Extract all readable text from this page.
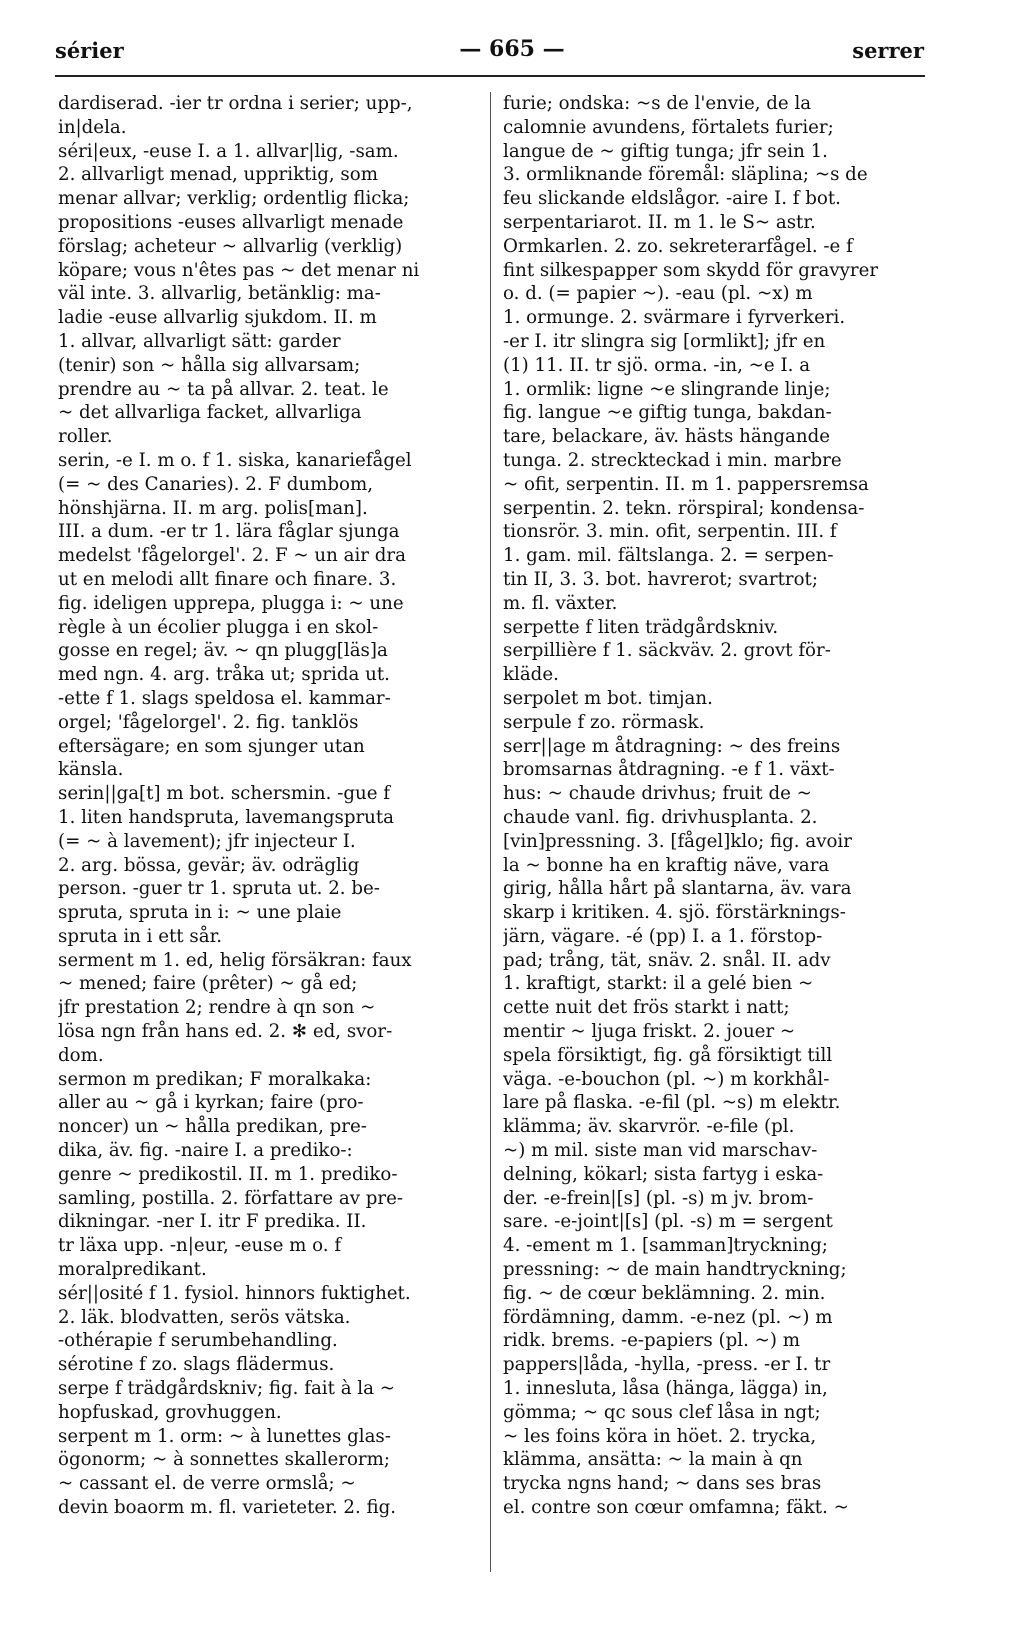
sérier	— 665 —	serrer
dardiserad. -ier tr ordna i serier; upp-,
in|dela.
séri|eux, -euse I. a 1. allvar|lig, -sam.
2. allvarligt menad, uppriktig, som
menar allvar; verklig; ordentlig flicka;
propositions -euses allvarligt menade
förslag; acheteur ~ allvarlig (verklig)
köpare; vous n'êtes pas ~ det menar ni
väl inte. 3. allvarlig, betänklig: ma-
ladie -euse allvarlig sjukdom. II. m
1. allvar, allvarligt sätt: garder
(tenir) son ~ hålla sig allvarsam;
prendre au ~ ta på allvar. 2. teat. le
~ det allvarliga facket, allvarliga
roller.
serin, -e I. m o. f 1. siska, kanariefågel
(= ~ des Canaries). 2. F dumbom,
hönshjärna. II. m arg. polis[man].
III. a dum. -er tr 1. lära fåglar sjunga
medelst 'fågelorgel'. 2. F ~ un air dra
ut en melodi allt finare och finare. 3.
fig. ideligen upprepa, plugga i: ~ une
règle à un écolier plugga i en skol-
gosse en regel; äv. ~ qn plugg[läs]a
med ngn. 4. arg. tråka ut; sprida ut.
-ette f 1. slags speldosa el. kammar-
orgel; 'fågelorgel'. 2. fig. tanklös
eftersägare; en som sjunger utan
känsla.
serin||ga[t] m bot. schersmin. -gue f
1. liten handspruta, lavemangspruta
(= ~ à lavement); jfr injecteur I.
2. arg. bössa, gevär; äv. odräglig
person. -guer tr 1. spruta ut. 2. be-
spruta, spruta in i: ~ une plaie
spruta in i ett sår.
serment m 1. ed, helig försäkran: faux
~ mened; faire (prêter) ~ gå ed;
jfr prestation 2; rendre à qn son ~
lösa ngn från hans ed. 2. ✻ ed, svor-
dom.
sermon m predikan; F moralkaka:
aller au ~ gå i kyrkan; faire (pro-
noncer) un ~ hålla predikan, pre-
dika, äv. fig. -naire I. a prediko-:
genre ~ predikostil. II. m 1. prediko-
samling, postilla. 2. författare av pre-
dikningar. -ner I. itr F predika. II.
tr läxa upp. -n|eur, -euse m o. f
moralpredikant.
sér||osité f 1. fysiol. hinnors fuktighet.
2. läk. blodvatten, serös vätska.
-othérapie f serumbehandling.
sérotine f zo. slags flädermus.
serpe f trädgårdskniv; fig. fait à la ~
hopfuskad, grovhuggen.
serpent m 1. orm: ~ à lunettes glas-
ögonorm; ~ à sonnettes skallerorm;
~ cassant el. de verre ormslå; ~
devin boaorm m. fl. varieteter. 2. fig.
furie; ondska: ~s de l'envie, de la
calomnie avundens, förtalets furier;
langue de ~ giftig tunga; jfr sein 1.
3. ormliknande föremål: släplina; ~s de
feu slickande eldslågor. -aire I. f bot.
serpentariarot. II. m 1. le S~ astr.
Ormkarlen. 2. zo. sekreterarfågel. -e f
fint silkespapper som skydd för gravyrer
o. d. (= papier ~). -eau (pl. ~x) m
1. ormunge. 2. svärmare i fyrverkeri.
-er I. itr slingra sig [ormlikt]; jfr en
(1) 11. II. tr sjö. orma. -in, ~e I. a
1. ormlik: ligne ~e slingrande linje;
fig. langue ~e giftig tunga, bakdan-
tare, belackare, äv. hästs hängande
tunga. 2. streckteckad i min. marbre
~ ofit, serpentin. II. m 1. pappersremsa
serpentin. 2. tekn. rörspiral; kondensa-
tionsrör. 3. min. ofit, serpentin. III. f
1. gam. mil. fältslanga. 2. = serpen-
tin II, 3. 3. bot. havrerot; svartrot;
m. fl. växter.
serpette f liten trädgårdskniv.
serpillière f 1. säckväv. 2. grovt för-
kläde.
serpolet m bot. timjan.
serpule f zo. rörmask.
serr||age m åtdragning: ~ des freins
bromsarnas åtdragning. -e f 1. växt-
hus: ~ chaude drivhus; fruit de ~
chaude vanl. fig. drivhusplanta. 2.
[vin]pressning. 3. [fågel]klo; fig. avoir
la ~ bonne ha en kraftig näve, vara
girig, hålla hårt på slantarna, äv. vara
skarp i kritiken. 4. sjö. förstärknings-
järn, vägare. -é (pp) I. a 1. förstop-
pad; trång, tät, snäv. 2. snål. II. adv
1. kraftigt, starkt: il a gelé bien ~
cette nuit det frös starkt i natt;
mentir ~ ljuga friskt. 2. jouer ~
spela försiktigt, fig. gå försiktigt till
väga. -e-bouchon (pl. ~) m korkhål-
lare på flaska. -e-fil (pl. ~s) m elektr.
klämma; äv. skarvrör. -e-file (pl.
~) m mil. siste man vid marschav-
delning, kökarl; sista fartyg i eska-
der. -e-frein|[s] (pl. -s) m jv. brom-
sare. -e-joint|[s] (pl. -s) m = sergent
4. -ement m 1. [samman]tryckning;
pressning: ~ de main handtryckning;
fig. ~ de cœur beklämning. 2. min.
fördämning, damm. -e-nez (pl. ~) m
ridk. brems. -e-papiers (pl. ~) m
pappers|låda, -hylla, -press. -er I. tr
1. innesluta, låsa (hänga, lägga) in,
gömma; ~ qc sous clef låsa in ngt;
~ les foins köra in höet. 2. trycka,
klämma, ansätta: ~ la main à qn
trycka ngns hand; ~ dans ses bras
el. contre son cœur omfamna; fäkt. ~
